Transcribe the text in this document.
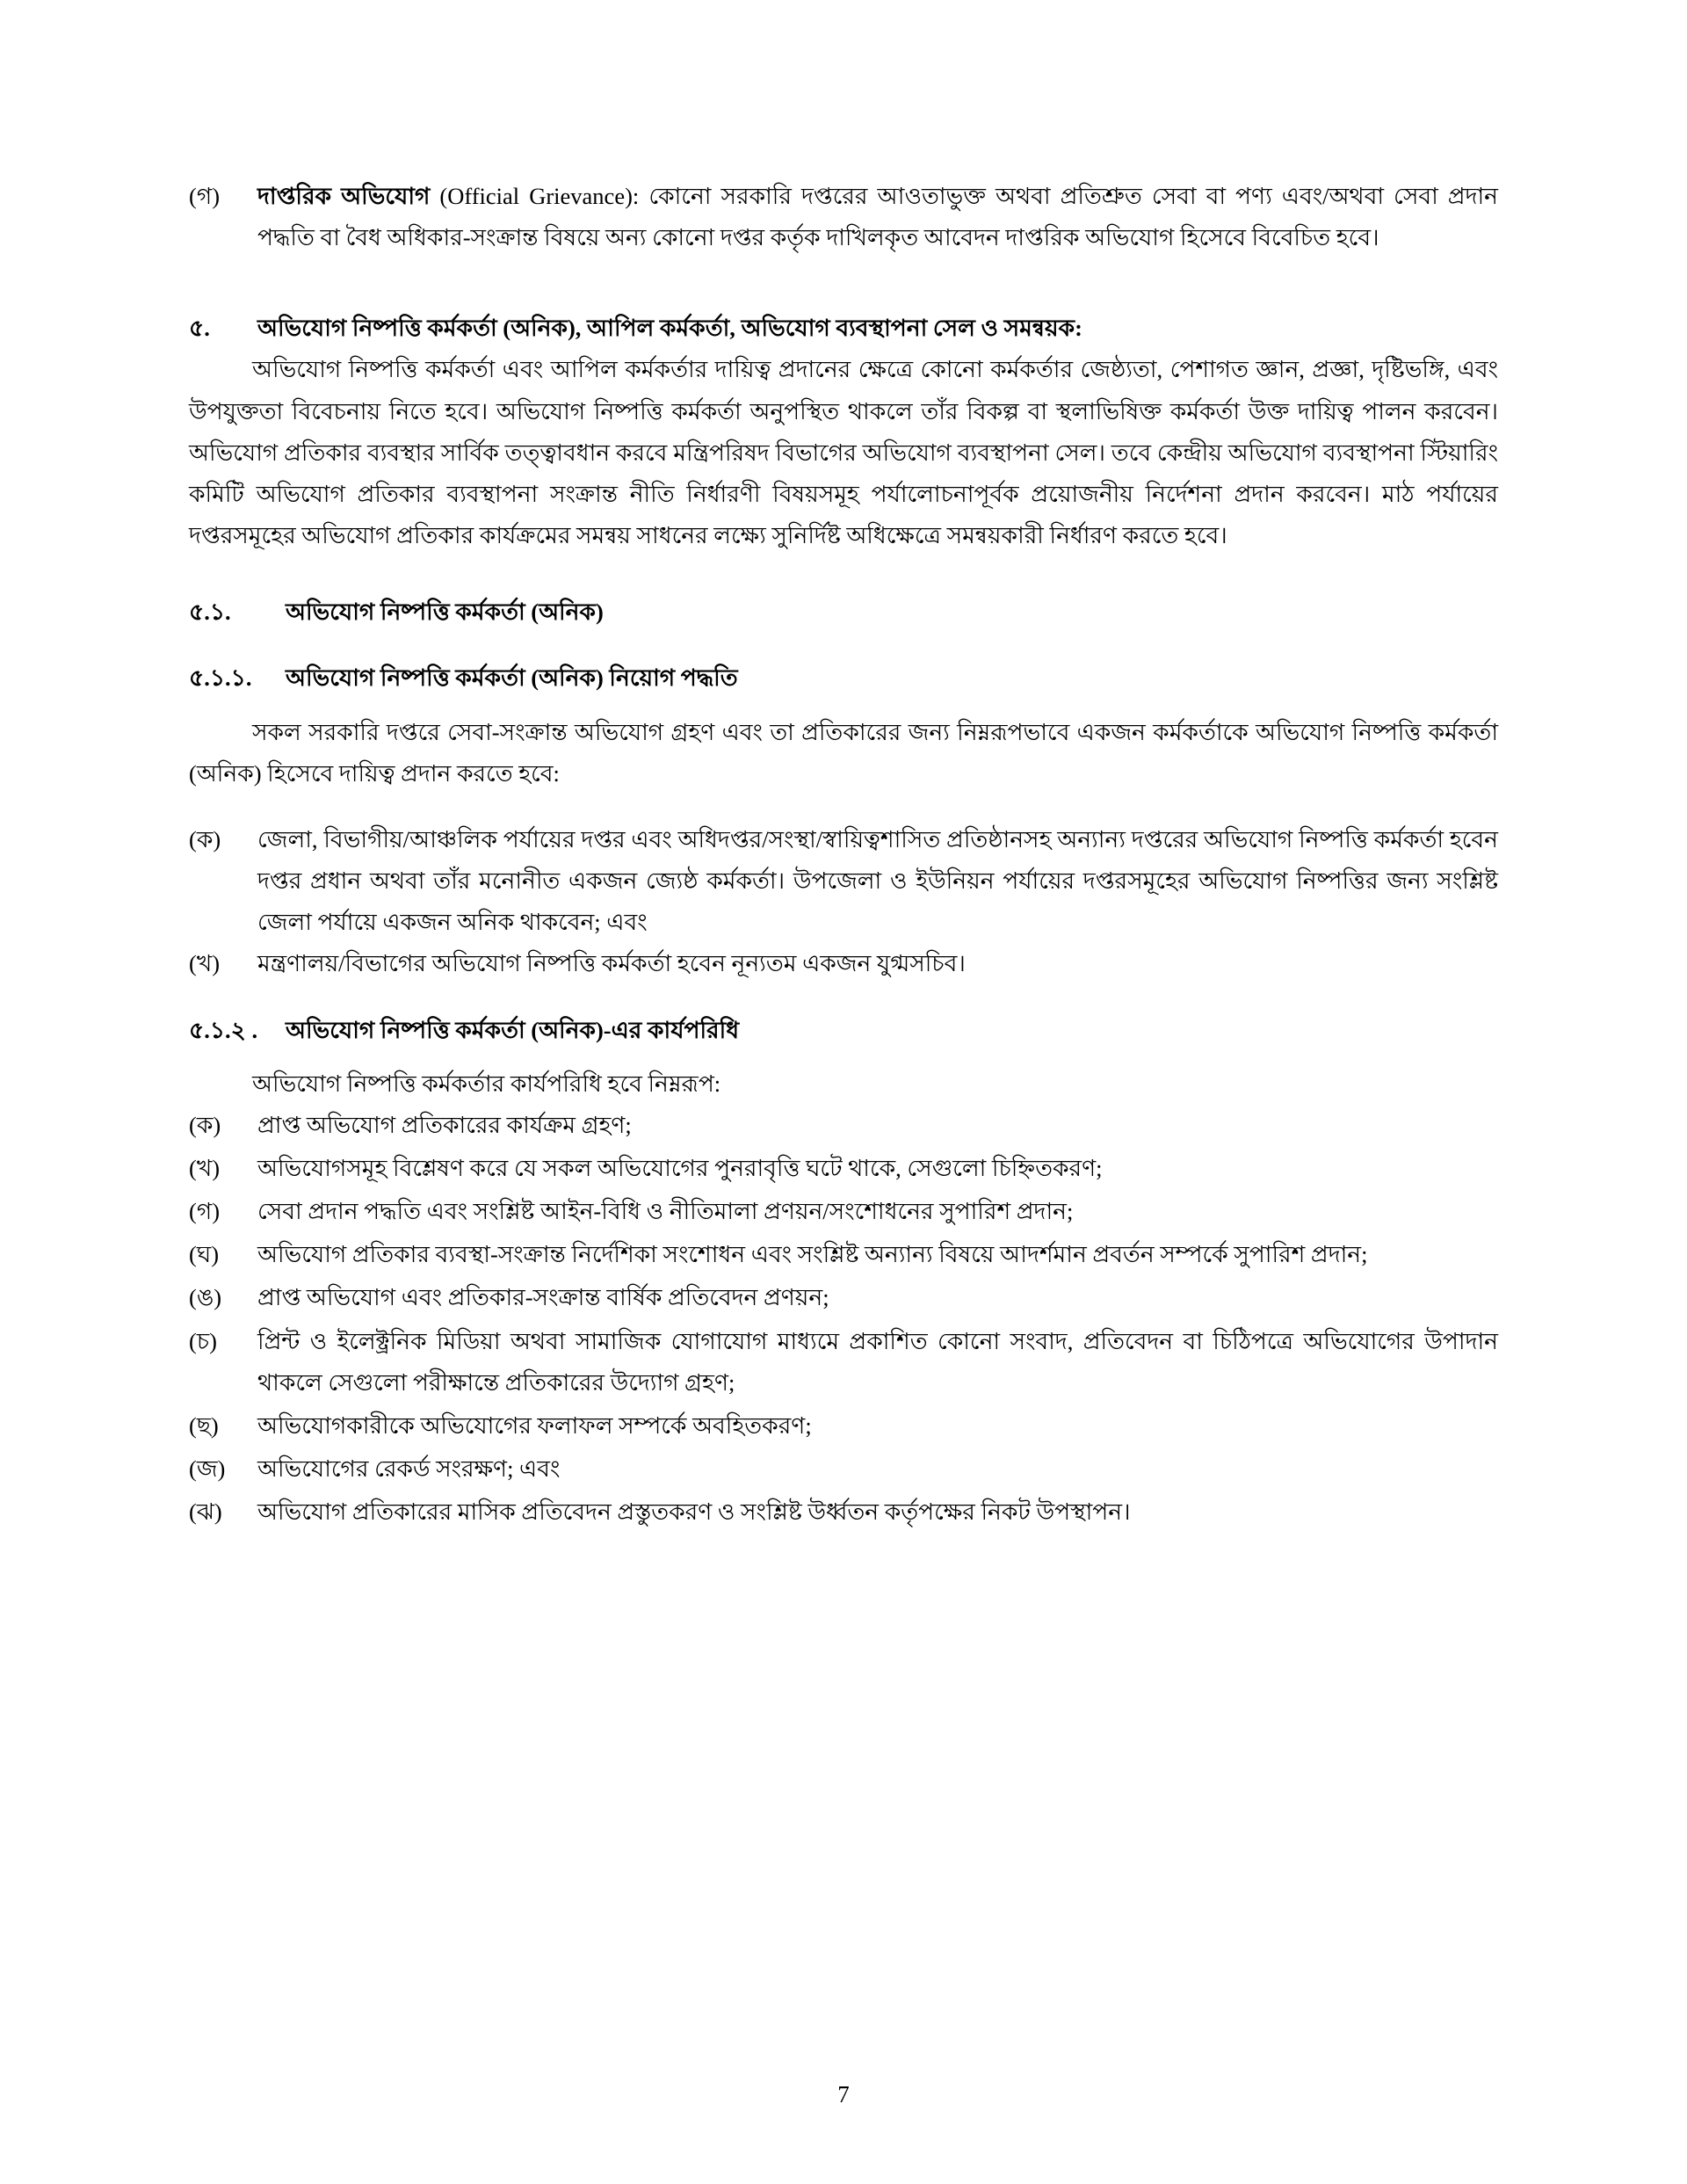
(গ)	দাপ্তরিক অভিযোগ (Official Grievance): কোনো সরকারি দপ্তরের আওতাভুক্ত অথবা প্রতিশ্রুত সেবা বা পণ্য এবং/অথবা সেবা প্রদান পদ্ধতি বা বৈধ অধিকার-সংক্রান্ত বিষয়ে অন্য কোনো দপ্তর কর্তৃক দাখিলকৃত আবেদন দাপ্তরিক অভিযোগ হিসেবে বিবেচিত হবে।
৫.	অভিযোগ নিষ্পত্তি কর্মকর্তা (অনিক), আপিল কর্মকর্তা, অভিযোগ ব্যবস্থাপনা সেল ও সমন্বয়ক:

অভিযোগ নিষ্পত্তি কর্মকর্তা এবং আপিল কর্মকর্তার দায়িত্ব প্রদানের ক্ষেত্রে কোনো কর্মকর্তার জেষ্ঠ্যতা, পেশাগত জ্ঞান, প্রজ্ঞা, দৃষ্টিভঙ্গি, এবং উপযুক্ততা বিবেচনায় নিতে হবে। অভিযোগ নিষ্পত্তি কর্মকর্তা অনুপস্থিত থাকলে তাঁর বিকল্প বা স্থলাভিষিক্ত কর্মকর্তা উক্ত দায়িত্ব পালন করবেন। অভিযোগ প্রতিকার ব্যবস্থার সার্বিক তত্ত্বাবধান করবে মন্ত্রিপরিষদ বিভাগের অভিযোগ ব্যবস্থাপনা সেল। তবে কেন্দ্রীয় অভিযোগ ব্যবস্থাপনা স্টিয়ারিং কমিটি অভিযোগ প্রতিকার ব্যবস্থাপনা সংক্রান্ত নীতি নির্ধারণী বিষয়সমূহ পর্যালোচনাপূর্বক প্রয়োজনীয় নির্দেশনা প্রদান করবেন। মাঠ পর্যায়ের দপ্তরসমূহের অভিযোগ প্রতিকার কার্যক্রমের সমন্বয় সাধনের লক্ষ্যে সুনির্দিষ্ট অধিক্ষেত্রে সমন্বয়কারী নির্ধারণ করতে হবে।

৫.১.	অভিযোগ নিষ্পত্তি কর্মকর্তা (অনিক)
৫.১.১.	অভিযোগ নিষ্পত্তি কর্মকর্তা (অনিক) নিয়োগ পদ্ধতি

সকল সরকারি দপ্তরে সেবা-সংক্রান্ত অভিযোগ গ্রহণ এবং তা প্রতিকারের জন্য নিম্নরূপভাবে একজন কর্মকর্তাকে অভিযোগ নিষ্পত্তি কর্মকর্তা (অনিক) হিসেবে দায়িত্ব প্রদান করতে হবে:

(ক)	জেলা, বিভাগীয়/আঞ্চলিক পর্যায়ের দপ্তর এবং অধিদপ্তর/সংস্থা/স্বায়িত্বশাসিত প্রতিষ্ঠানসহ অন্যান্য দপ্তরের অভিযোগ নিষ্পত্তি কর্মকর্তা হবেন দপ্তর প্রধান অথবা তাঁর মনোনীত একজন জ্যেষ্ঠ কর্মকর্তা। উপজেলা ও ইউনিয়ন পর্যায়ের দপ্তরসমূহের অভিযোগ নিষ্পত্তির জন্য সংশ্লিষ্ট জেলা পর্যায়ে একজন অনিক থাকবেন; এবং
(খ)	মন্ত্রণালয়/বিভাগের অভিযোগ নিষ্পত্তি কর্মকর্তা হবেন নূন্যতম একজন যুগ্মসচিব।
৫.১.২ .	অভিযোগ নিষ্পত্তি কর্মকর্তা (অনিক)-এর কার্যপরিধি

অভিযোগ নিষ্পত্তি কর্মকর্তার কার্যপরিধি হবে নিম্নরূপ:

(ক)	প্রাপ্ত অভিযোগ প্রতিকারের কার্যক্রম গ্রহণ;
(খ)	অভিযোগসমূহ বিশ্লেষণ করে যে সকল অভিযোগের পুনরাবৃত্তি ঘটে থাকে, সেগুলো চিহ্নিতকরণ;
(গ)	সেবা প্রদান পদ্ধতি এবং সংশ্লিষ্ট আইন-বিধি ও নীতিমালা প্রণয়ন/সংশোধনের সুপারিশ প্রদান;
(ঘ)	অভিযোগ প্রতিকার ব্যবস্থা-সংক্রান্ত নির্দেশিকা সংশোধন এবং সংশ্লিষ্ট অন্যান্য বিষয়ে আদর্শমান প্রবর্তন সম্পর্কে সুপারিশ প্রদান;
(ঙ)	প্রাপ্ত অভিযোগ এবং প্রতিকার-সংক্রান্ত বার্ষিক প্রতিবেদন প্রণয়ন;
(চ)	প্রিন্ট ও ইলেক্ট্রনিক মিডিয়া অথবা সামাজিক যোগাযোগ মাধ্যমে প্রকাশিত কোনো সংবাদ, প্রতিবেদন বা চিঠিপত্রে অভিযোগের উপাদান থাকলে সেগুলো পরীক্ষান্তে প্রতিকারের উদ্যোগ গ্রহণ;
(ছ)	অভিযোগকারীকে অভিযোগের ফলাফল সম্পর্কে অবহিতকরণ;
(জ)	অভিযোগের রেকর্ড সংরক্ষণ; এবং
(ঝ)	অভিযোগ প্রতিকারের মাসিক প্রতিবেদন প্রস্তুতকরণ ও সংশ্লিষ্ট উর্ধ্বতন কর্তৃপক্ষের নিকট উপস্থাপন।
7
